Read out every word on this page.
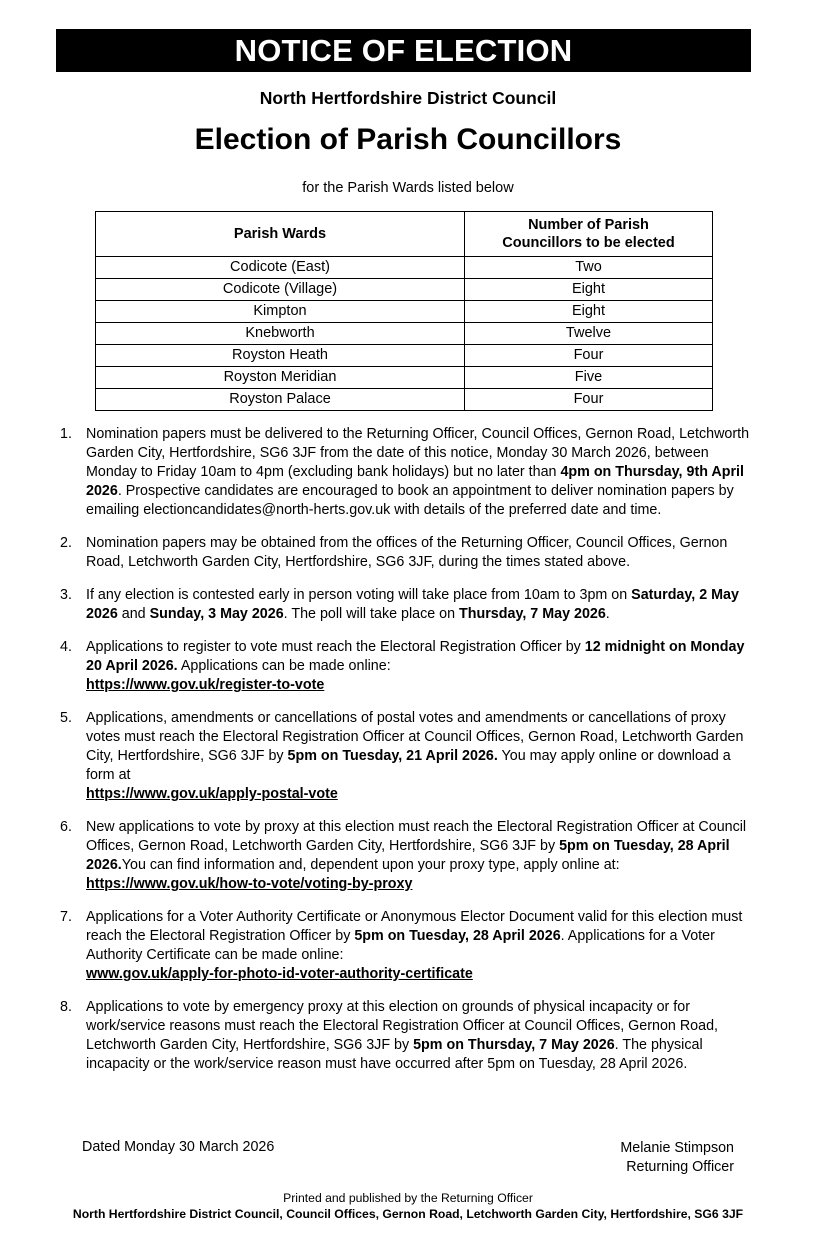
NOTICE OF ELECTION
North Hertfordshire District Council
Election of Parish Councillors
for the Parish Wards listed below
Parish Wards	Number of Parish
Councillors to be elected
Codicote (East)	Two
Codicote (Village)	Eight
Kimpton	Eight
Knebworth	Twelve
Royston Heath	Four
Royston Meridian	Five
Royston Palace	Four
1. Nomination papers must be delivered to the Returning Officer, Council Offices, Gernon Road, Letchworth Garden City, Hertfordshire, SG6 3JF from the date of this notice, Monday 30 March 2026, between Monday to Friday 10am to 4pm (excluding bank holidays) but no later than 4pm on Thursday, 9th April 2026. Prospective candidates are encouraged to book an appointment to deliver nomination papers by emailing electioncandidates@north-herts.gov.uk with details of the preferred date and time.
2. Nomination papers may be obtained from the offices of the Returning Officer, Council Offices, Gernon Road, Letchworth Garden City, Hertfordshire, SG6 3JF, during the times stated above.
3. If any election is contested early in person voting will take place from 10am to 3pm on Saturday, 2 May 2026 and Sunday, 3 May 2026. The poll will take place on Thursday, 7 May 2026.
4. Applications to register to vote must reach the Electoral Registration Officer by 12 midnight on Monday 20 April 2026. Applications can be made online:
https://www.gov.uk/register-to-vote
5. Applications, amendments or cancellations of postal votes and amendments or cancellations of proxy votes must reach the Electoral Registration Officer at Council Offices, Gernon Road, Letchworth Garden City, Hertfordshire, SG6 3JF by 5pm on Tuesday, 21 April 2026. You may apply online or download a form at
https://www.gov.uk/apply-postal-vote
6. New applications to vote by proxy at this election must reach the Electoral Registration Officer at Council Offices, Gernon Road, Letchworth Garden City, Hertfordshire, SG6 3JF by 5pm on Tuesday, 28 April 2026.You can find information and, dependent upon your proxy type, apply online at:
https://www.gov.uk/how-to-vote/voting-by-proxy
7. Applications for a Voter Authority Certificate or Anonymous Elector Document valid for this election must reach the Electoral Registration Officer by 5pm on Tuesday, 28 April 2026. Applications for a Voter Authority Certificate can be made online:
www.gov.uk/apply-for-photo-id-voter-authority-certificate
8. Applications to vote by emergency proxy at this election on grounds of physical incapacity or for work/service reasons must reach the Electoral Registration Officer at Council Offices, Gernon Road, Letchworth Garden City, Hertfordshire, SG6 3JF by 5pm on Thursday, 7 May 2026. The physical incapacity or the work/service reason must have occurred after 5pm on Tuesday, 28 April 2026.
Dated Monday 30 March 2026	Melanie Stimpson
Returning Officer
Printed and published by the Returning Officer
North Hertfordshire District Council, Council Offices, Gernon Road, Letchworth Garden City, Hertfordshire, SG6 3JF
